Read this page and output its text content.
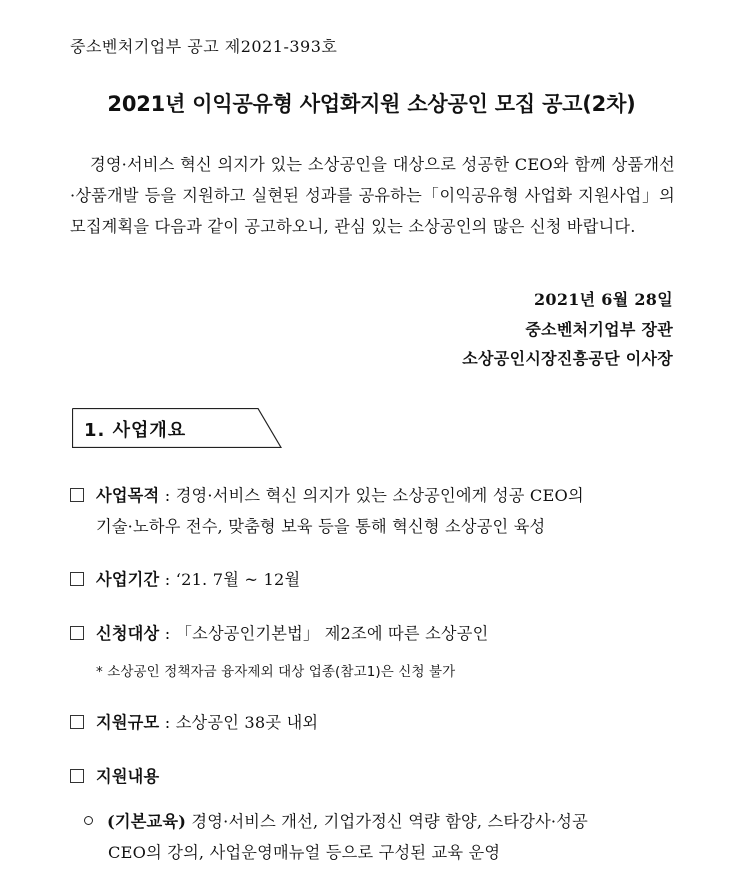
중소벤처기업부 공고 제2021-393호
2021년 이익공유형 사업화지원 소상공인 모집 공고(2차)
경영·서비스 혁신 의지가 있는 소상공인을 대상으로 성공한 CEO와 함께 상품개선·상품개발 등을 지원하고 실현된 성과를 공유하는「이익공유형 사업화 지원사업」의 모집계획을 다음과 같이 공고하오니, 관심 있는 소상공인의 많은 신청 바랍니다.
2021년 6월 28일
중소벤처기업부 장관
소상공인시장진흥공단 이사장
1. 사업개요
사업목적 : 경영·서비스 혁신 의지가 있는 소상공인에게 성공 CEO의
기술·노하우 전수, 맞춤형 보육 등을 통해 혁신형 소상공인 육성
사업기간 : ‘21. 7월 ~ 12월
신청대상 : 「소상공인기본법」 제2조에 따른 소상공인
* 소상공인 정책자금 융자제외 대상 업종(참고1)은 신청 불가
지원규모 : 소상공인 38곳 내외
지원내용
(기본교육) 경영·서비스 개선, 기업가정신 역량 함양, 스타강사·성공
CEO의 강의, 사업운영매뉴얼 등으로 구성된 교육 운영
